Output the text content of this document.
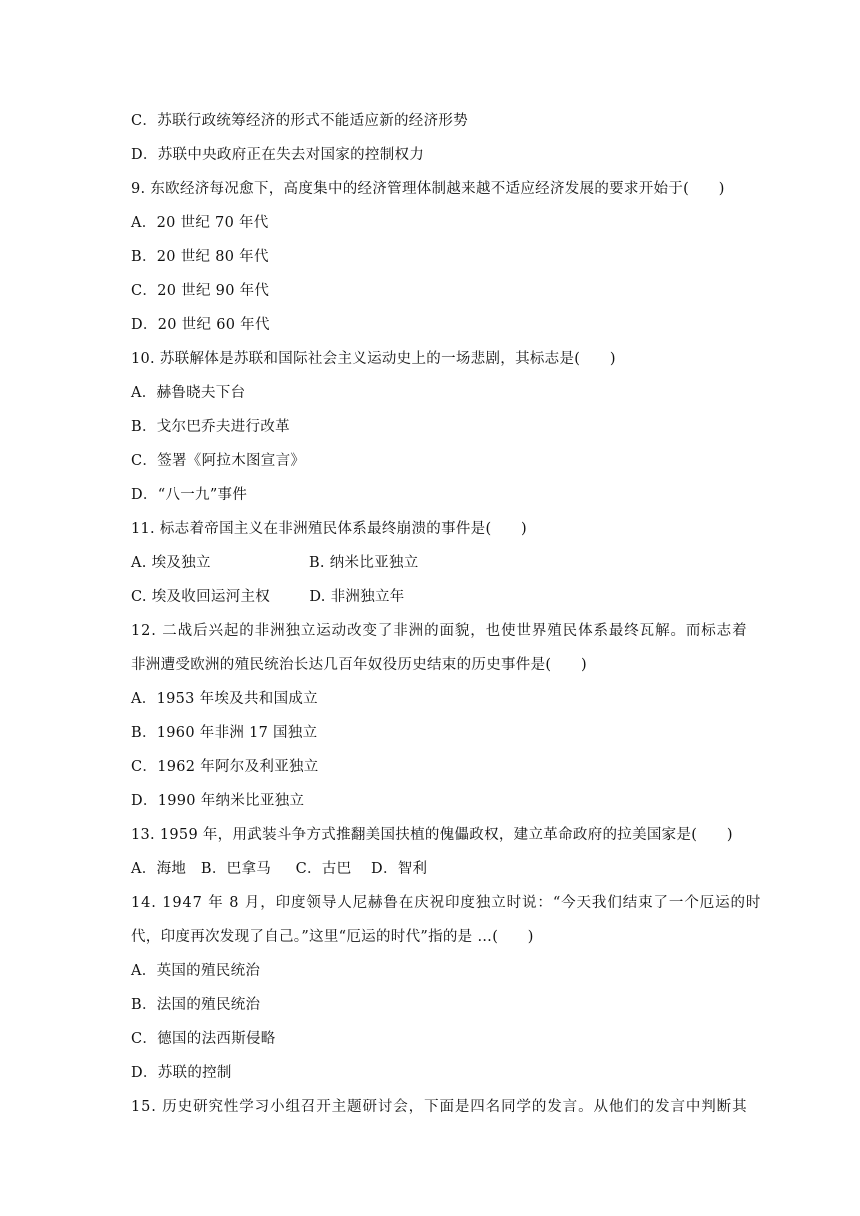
C．苏联行政统筹经济的形式不能适应新的经济形势
D．苏联中央政府正在失去对国家的控制权力
9. 东欧经济每况愈下，高度集中的经济管理体制越来越不适应经济发展的要求开始于(　　)
A．20 世纪 70 年代
B．20 世纪 80 年代
C．20 世纪 90 年代
D．20 世纪 60 年代
10. 苏联解体是苏联和国际社会主义运动史上的一场悲剧，其标志是(　　)
A．赫鲁晓夫下台
B．戈尔巴乔夫进行改革
C．签署《阿拉木图宣言》
D．“八一九”事件
11. 标志着帝国主义在非洲殖民体系最终崩溃的事件是(　　)
A. 埃及独立                    B. 纳米比亚独立
C. 埃及收回运河主权        D. 非洲独立年
12. 二战后兴起的非洲独立运动改变了非洲的面貌，也使世界殖民体系最终瓦解。而标志着
非洲遭受欧洲的殖民统治长达几百年奴役历史结束的历史事件是(　　)
A．1953 年埃及共和国成立
B．1960 年非洲 17 国独立
C．1962 年阿尔及利亚独立
D．1990 年纳米比亚独立
13. 1959 年，用武装斗争方式推翻美国扶植的傀儡政权，建立革命政府的拉美国家是(　　)
A．海地   B．巴拿马     C．古巴    D．智利
14. 1947 年 8 月，印度领导人尼赫鲁在庆祝印度独立时说：“今天我们结束了一个厄运的时
代，印度再次发现了自己。”这里“厄运的时代”指的是 …(　　)
A．英国的殖民统治
B．法国的殖民统治
C．德国的法西斯侵略
D．苏联的控制
15. 历史研究性学习小组召开主题研讨会，下面是四名同学的发言。从他们的发言中判断其
